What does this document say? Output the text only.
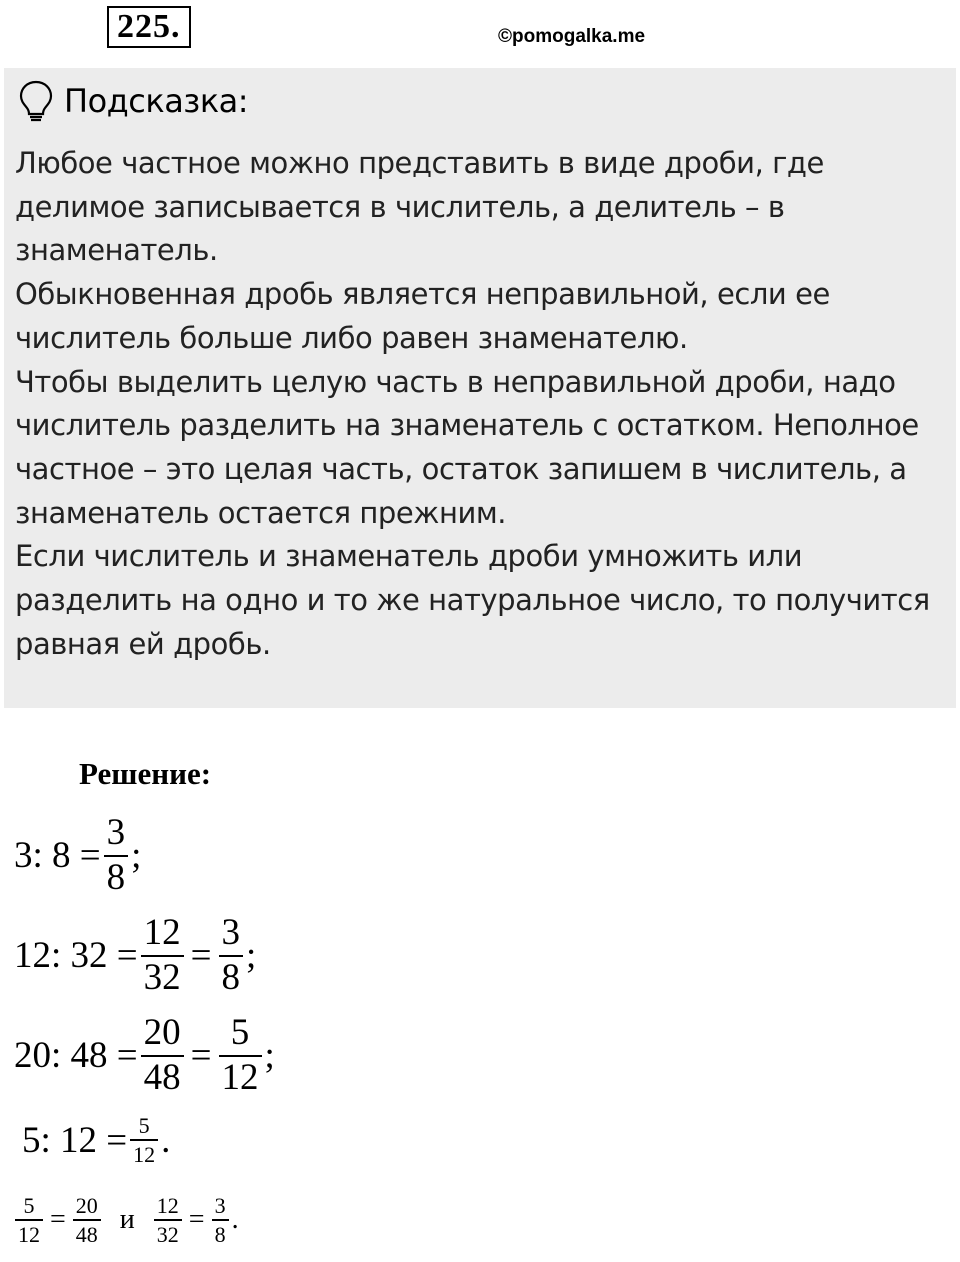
225.	©pomogalka.me
Подсказка:

Любое частное можно представить в виде дроби, где делимое записывается в числитель, а делитель – в знаменатель.

Обыкновенная дробь является неправильной, если ее числитель больше либо равен знаменателю.

Чтобы выделить целую часть в неправильной дроби, надо числитель разделить на знаменатель с остатком. Неполное частное – это целая часть, остаток запишем в числитель, а знаменатель остается прежним.

Если числитель и знаменатель дроби умножить или разделить на одно и то же натуральное число, то получится равная ей дробь.

Решение:
3: $8 = \frac{3}{8}$ ;
12: $32 = \frac{12}{32} = \frac{3}{8}$ ;
20: $48 = \frac{20}{48} = \frac{5}{12}$ ;
5: $12 = \frac{5}{12}$ .
$\frac{5}{12} = \frac{20}{48}$ и $\frac{12}{32} = \frac{3}{8}$ .
